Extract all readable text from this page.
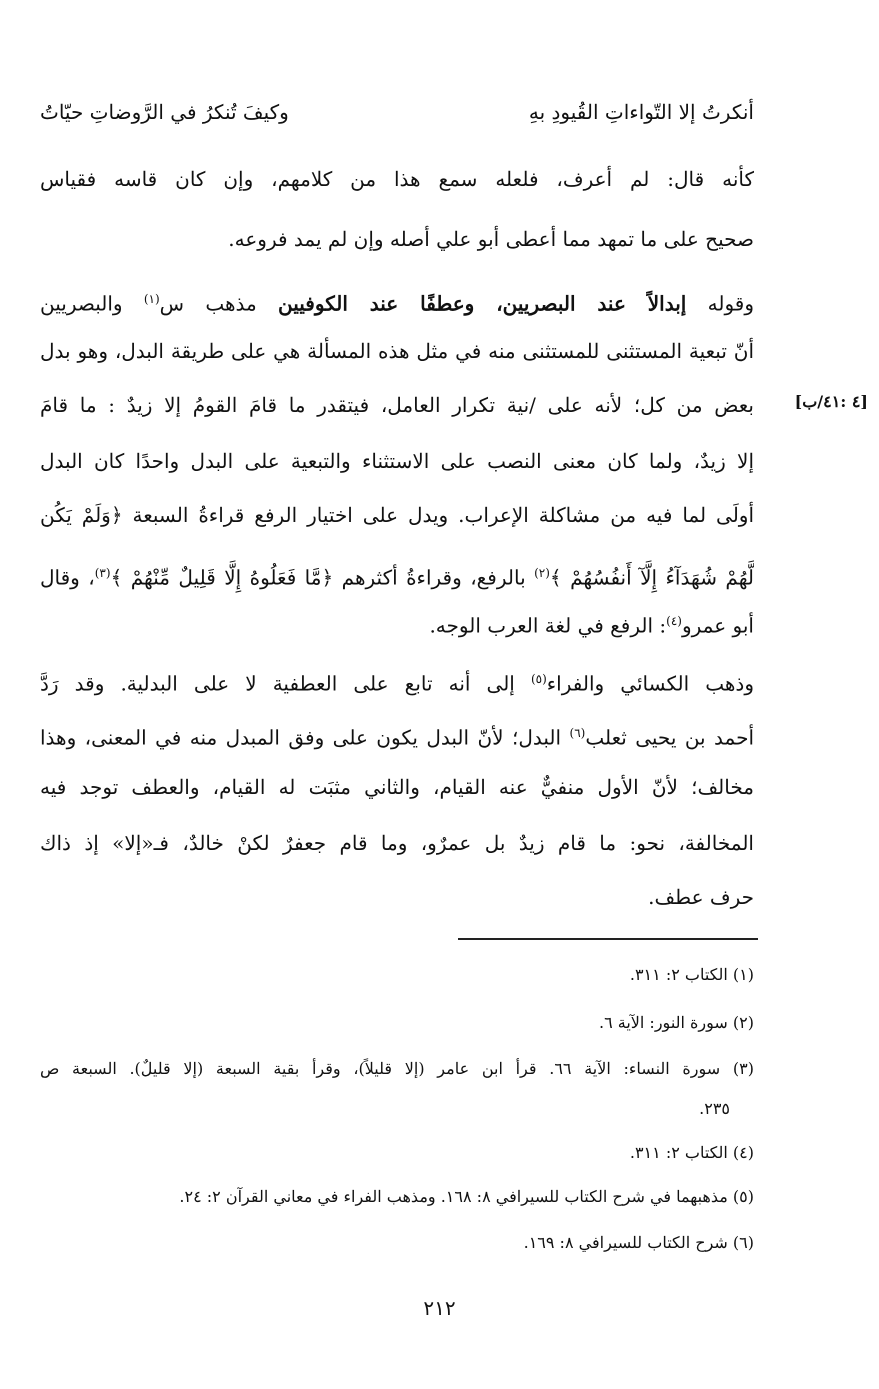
أنكرتُ إلا التّواءاتِ القُيودِ بهِ
وكيفَ تُنكرُ في الرَّوضاتِ حيّاتُ
كأنه قال: لم أعرف، فلعله سمع هذا من كلامهم، وإن كان قاسه فقياس
صحيح على ما تمهد مما أعطى أبو علي أصله وإن لم يمد فروعه.
وقوله إبدالاً عند البصريين، وعطفًا عند الكوفيين مذهب س$^{(١)}$ والبصريين
أنّ تبعية المستثنى للمستثنى منه في مثل هذه المسألة هي على طريقة البدل، وهو بدل
بعض من كل؛ لأنه على /نية تكرار العامل، فيتقدر ما قامَ القومُ إلا زيدٌ : ما قامَ
إلا زيدٌ، ولما كان معنى النصب على الاستثناء والتبعية على البدل واحدًا كان البدل
أولَى لما فيه من مشاكلة الإعراب. ويدل على اختيار الرفع قراءةُ السبعة ﴿وَلَمْ يَكُن
لَّهُمْ شُهَدَآءُ إِلَّآ أَنفُسُهُمْ ﴾$^{(٢)}$ بالرفع، وقراءةُ أكثرهم ﴿مَّا فَعَلُوهُ إِلَّا قَلِيلٌ مِّنْهُمْ ﴾$^{(٣)}$، وقال
أبو عمرو$^{(٤)}$: الرفع في لغة العرب الوجه.
وذهب الكسائي والفراء$^{(٥)}$ إلى أنه تابع على العطفية لا على البدلية. وقد رَدَّ
أحمد بن يحيى ثعلب$^{(٦)}$ البدل؛ لأنّ البدل يكون على وفق المبدل منه في المعنى، وهذا
مخالف؛ لأنّ الأول منفيٌّ عنه القيام، والثاني مثبَت له القيام، والعطف توجد فيه
المخالفة، نحو: ما قام زيدٌ بل عمرٌو، وما قام جعفرٌ لكنْ خالدٌ، فـ«إلا» إذ ذاك
حرف عطف.
[٤ :٤١/ب]
(١) الكتاب ٢: ٣١١.
(٢) سورة النور: الآية ٦.
(٣) سورة النساء: الآية ٦٦. قرأ ابن عامر (إلا قليلاً)، وقرأ بقية السبعة (إلا قليلٌ). السبعة ص
٢٣٥.
(٤) الكتاب ٢: ٣١١.
(٥) مذهبهما في شرح الكتاب للسيرافي ٨: ١٦٨. ومذهب الفراء في معاني القرآن ٢: ٢٤.
(٦) شرح الكتاب للسيرافي ٨: ١٦٩.
٢١٢
